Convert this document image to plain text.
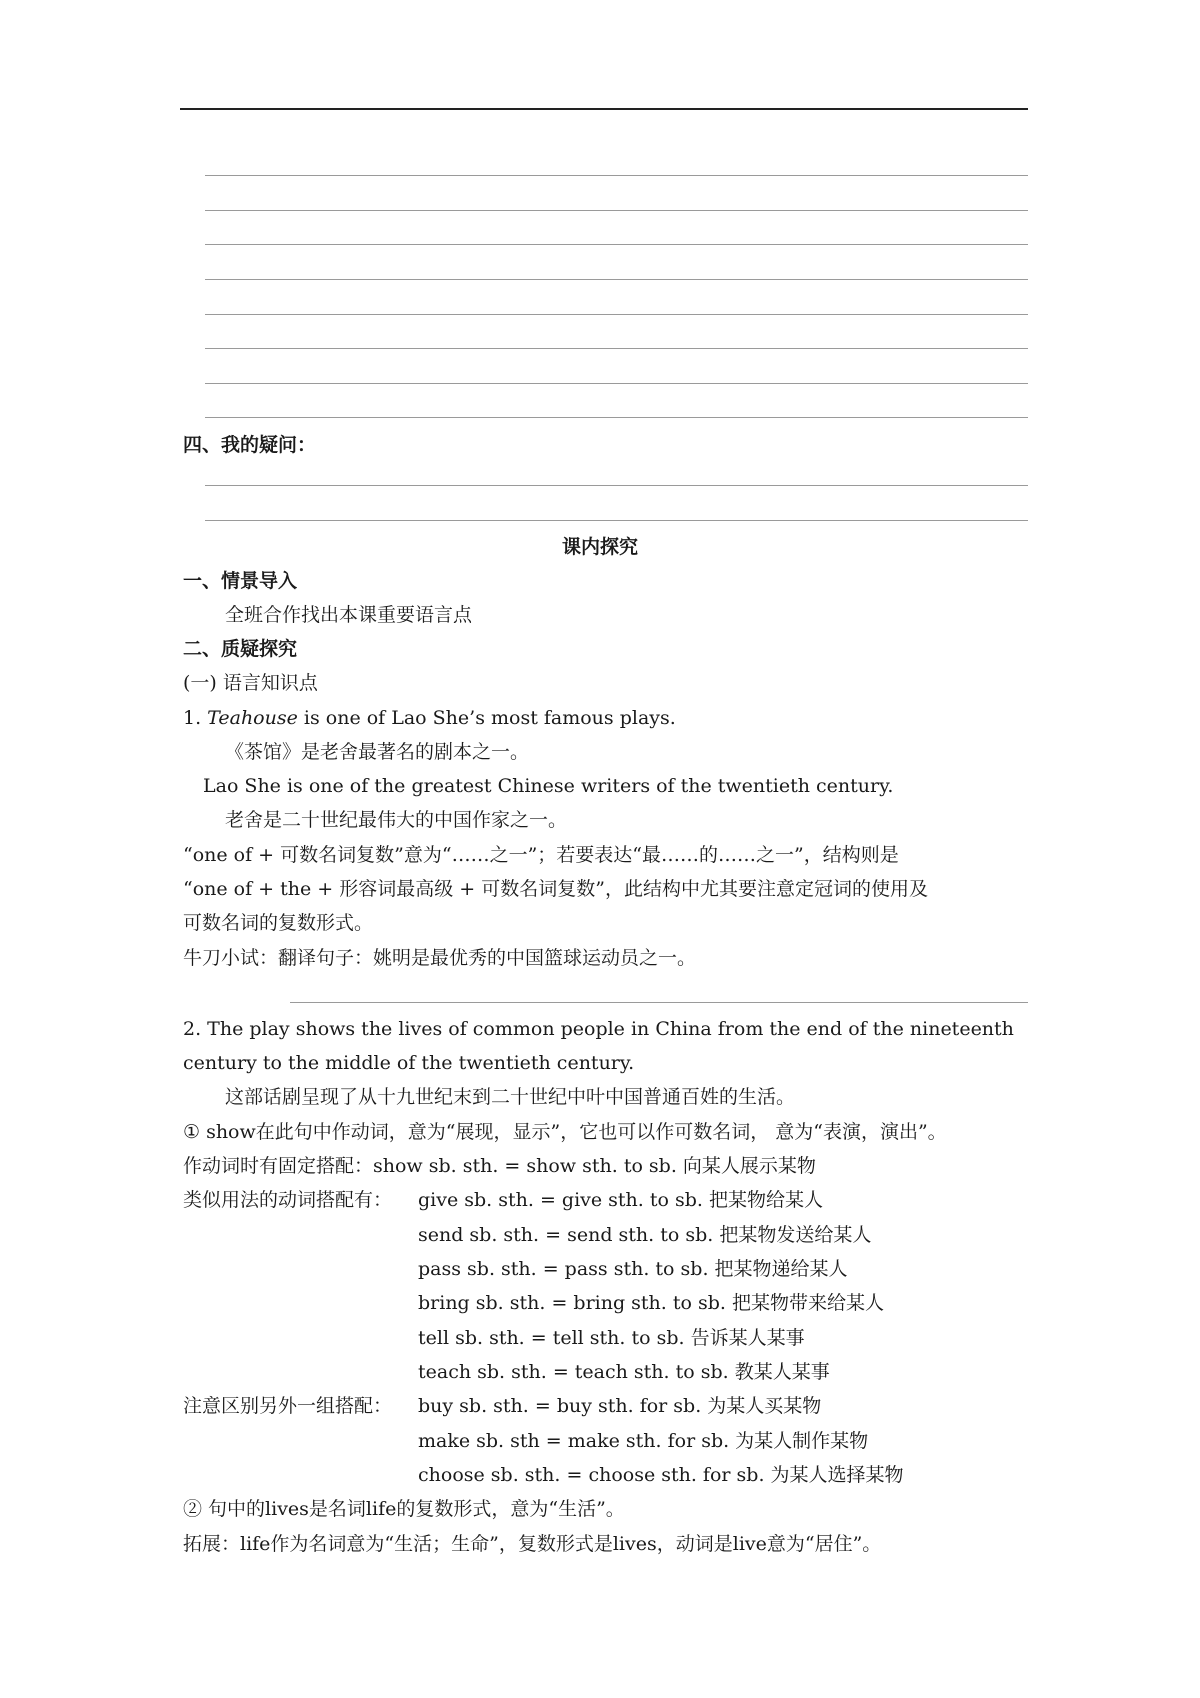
四、我的疑问：
课内探究
一、情景导入
全班合作找出本课重要语言点
二、质疑探究
(一) 语言知识点
1. Teahouse is one of Lao She’s most famous plays.
《茶馆》是老舍最著名的剧本之一。
Lao She is one of the greatest Chinese writers of the twentieth century.
老舍是二十世纪最伟大的中国作家之一。
“one of + 可数名词复数”意为“……之一”；若要表达“最……的……之一”，结构则是
“one of + the + 形容词最高级 + 可数名词复数”，此结构中尤其要注意定冠词的使用及
可数名词的复数形式。
牛刀小试：翻译句子：姚明是最优秀的中国篮球运动员之一。
2. The play shows the lives of common people in China from the end of the nineteenth
century to the middle of the twentieth century.
这部话剧呈现了从十九世纪末到二十世纪中叶中国普通百姓的生活。
① show在此句中作动词，意为“展现，显示”，它也可以作可数名词， 意为“表演，演出”。
作动词时有固定搭配：show sb. sth. = show sth. to sb. 向某人展示某物
类似用法的动词搭配有： give sb. sth. = give sth. to sb. 把某物给某人
send sb. sth. = send sth. to sb. 把某物发送给某人
pass sb. sth. = pass sth. to sb. 把某物递给某人
bring sb. sth. = bring sth. to sb. 把某物带来给某人
tell sb. sth. = tell sth. to sb. 告诉某人某事
teach sb. sth. = teach sth. to sb. 教某人某事
注意区别另外一组搭配： buy sb. sth. = buy sth. for sb. 为某人买某物
make sb. sth = make sth. for sb. 为某人制作某物
choose sb. sth. = choose sth. for sb. 为某人选择某物
② 句中的lives是名词life的复数形式，意为“生活”。
拓展：life作为名词意为“生活；生命”，复数形式是lives，动词是live意为“居住”。
